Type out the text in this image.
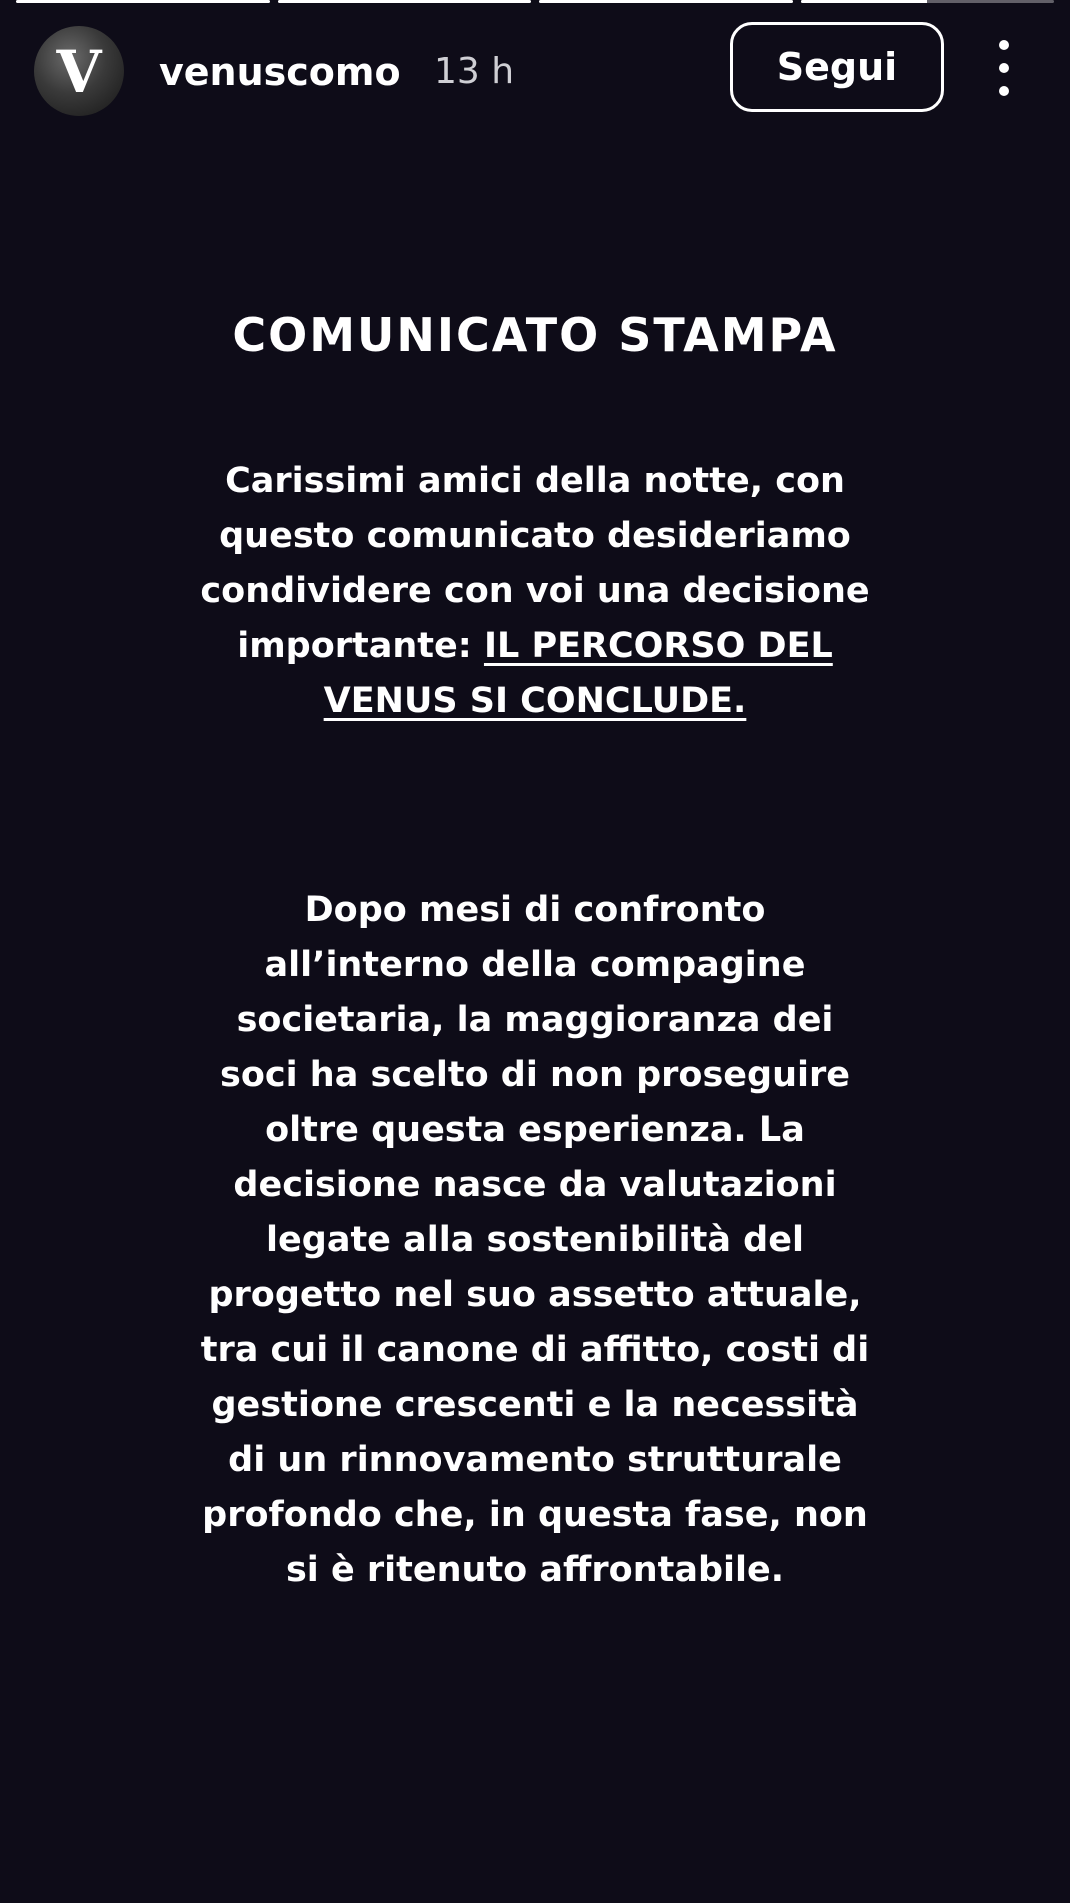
V venuscomo 13 h	Segui
COMUNICATO STAMPA
Carissimi amici della notte, con questo comunicato desideriamo condividere con voi una decisione importante: IL PERCORSO DEL VENUS SI CONCLUDE.
Dopo mesi di confronto all’interno della compagine societaria, la maggioranza dei soci ha scelto di non proseguire oltre questa esperienza. La decisione nasce da valutazioni legate alla sostenibilità del progetto nel suo assetto attuale, tra cui il canone di affitto, costi di gestione crescenti e la necessità di un rinnovamento strutturale profondo che, in questa fase, non si è ritenuto affrontabile.
